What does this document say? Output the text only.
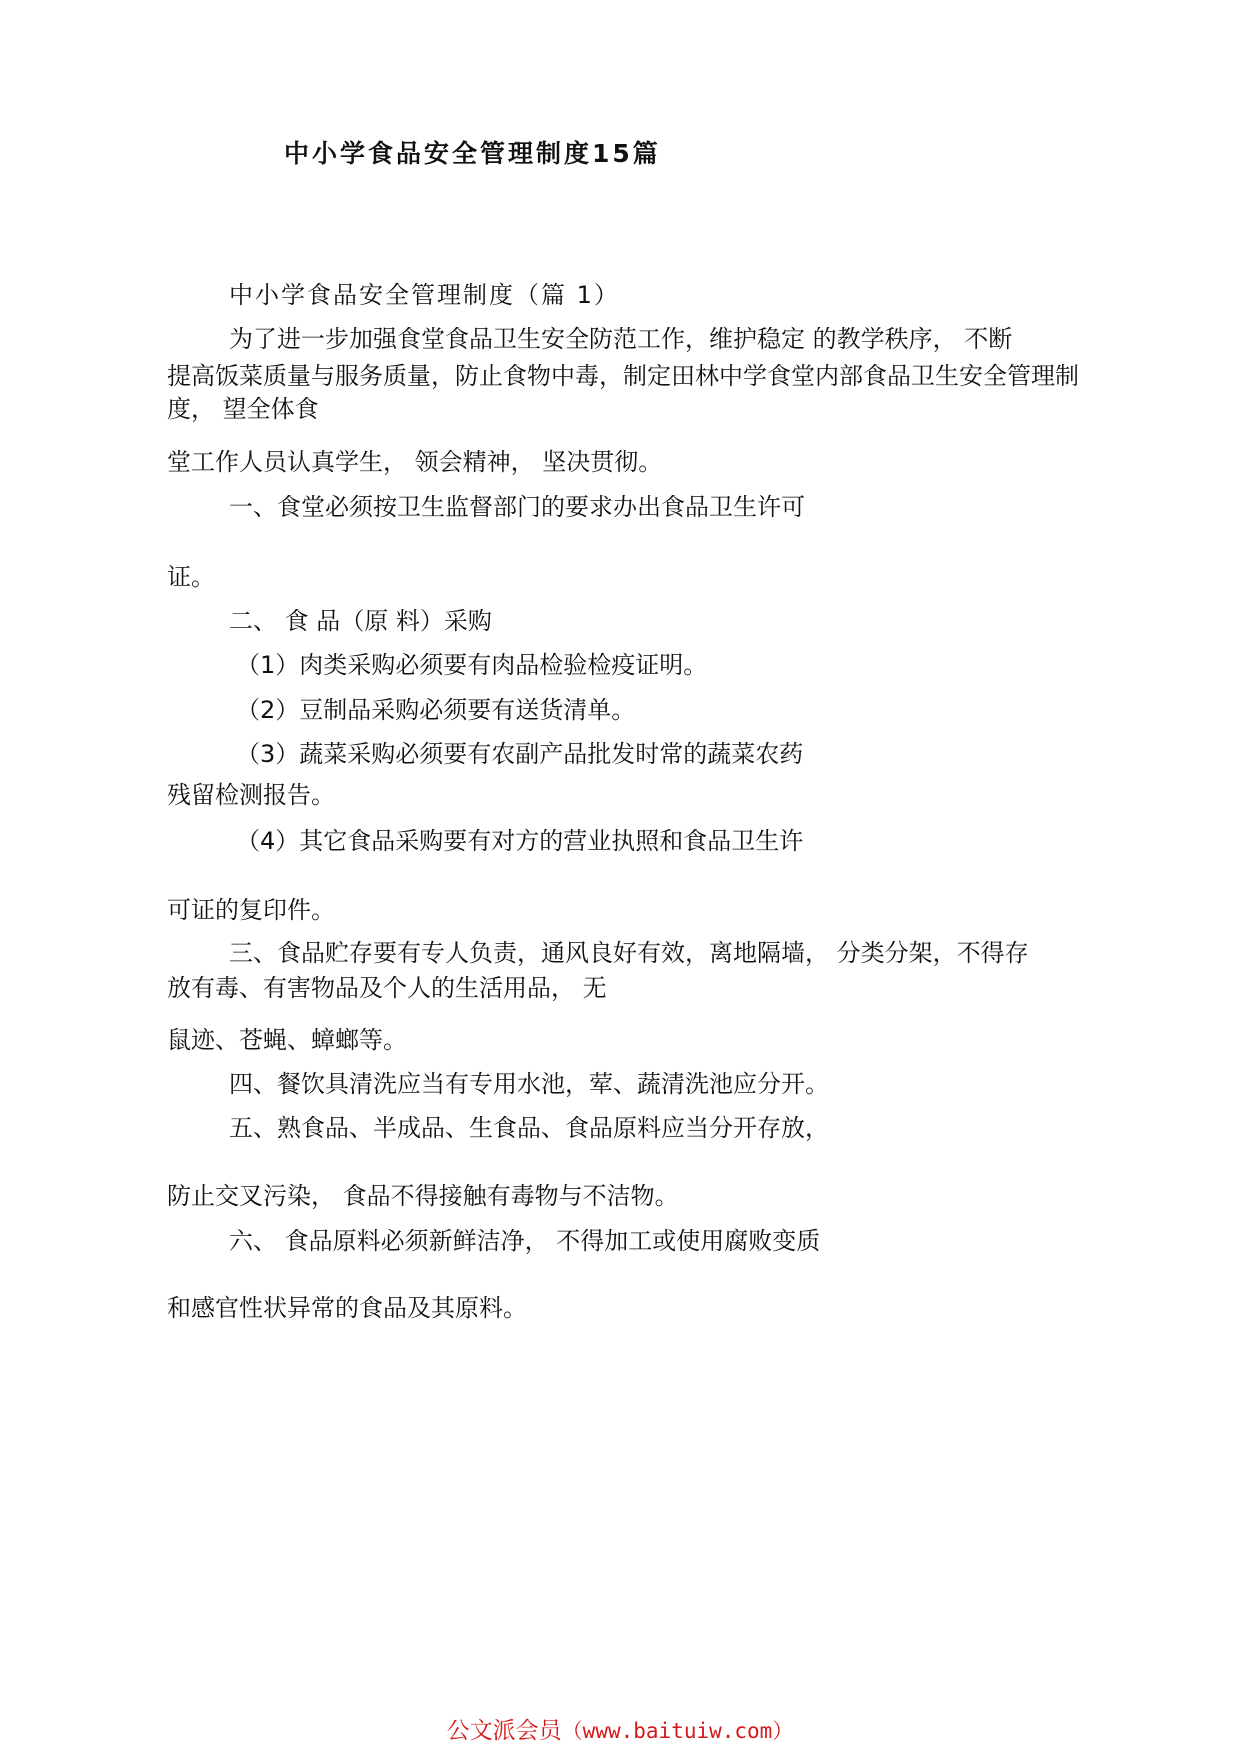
中小学食品安全管理制度15篇
中小学食品安全管理制度（篇 1）
为了进一步加强食堂食品卫生安全防范工作，维护稳定 的教学秩序， 不断
提高饭菜质量与服务质量，防止食物中毒，制定田林中学食堂内部食品卫生安全管理制
度， 望全体食
堂工作人员认真学生， 领会精神， 坚决贯彻。
一、食堂必须按卫生监督部门的要求办出食品卫生许可
证。
二、 食 品（原 料）采购
（1）肉类采购必须要有肉品检验检疫证明。
（2）豆制品采购必须要有送货清单。
（3）蔬菜采购必须要有农副产品批发时常的蔬菜农药
残留检测报告。
（4）其它食品采购要有对方的营业执照和食品卫生许
可证的复印件。
三、食品贮存要有专人负责，通风良好有效，离地隔墙， 分类分架，不得存
放有毒、有害物品及个人的生活用品， 无
鼠迹、苍蝇、蟑螂等。
四、餐饮具清洗应当有专用水池，荤、蔬清洗池应分开。
五、熟食品、半成品、生食品、食品原料应当分开存放，
防止交叉污染， 食品不得接触有毒物与不洁物。
六、 食品原料必须新鲜洁净， 不得加工或使用腐败变质
和感官性状异常的食品及其原料。
公文派会员（www.baituiw.com）
